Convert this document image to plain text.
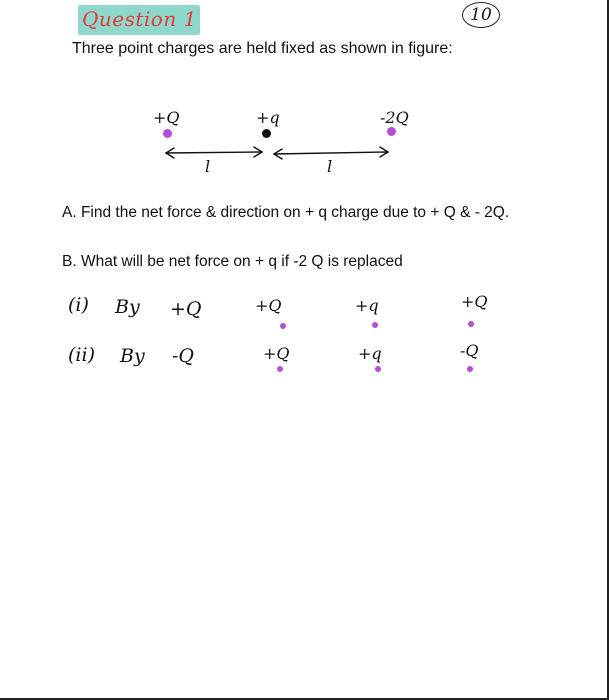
Question 1	10
Three point charges are held fixed as shown in figure:
+Q	+q	-2Q
l	l
A. Find the net force & direction on + q charge due to + Q & - 2Q.
B. What will be net force on + q if -2 Q is replaced
(i) By +Q	+Q	+q	+Q
(ii) By -Q	+Q	+q	-Q
